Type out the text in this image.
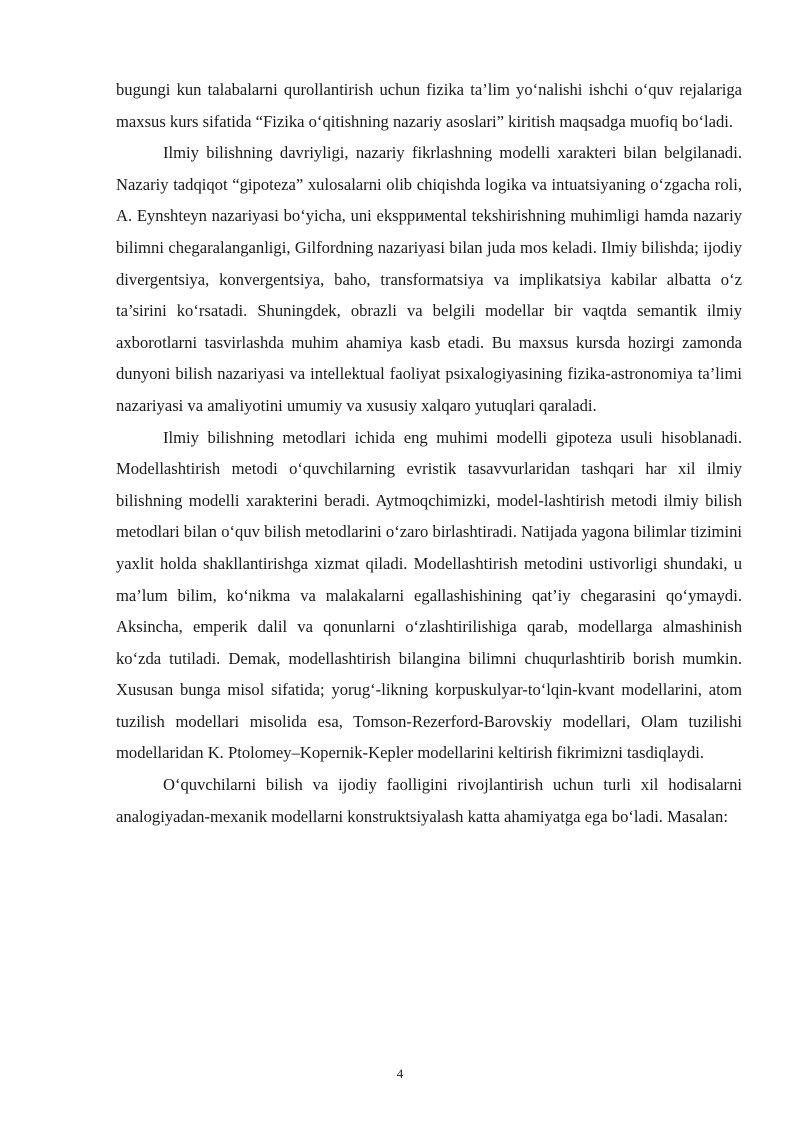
bugungi kun talabalarni qurollantirish uchun fizika ta’lim yo‘nalishi ishchi o‘quv rejalariga maxsus kurs sifatida “Fizika o‘qitishning nazariy asoslari” kiritish maqsadga muofiq bo‘ladi.

Ilmiy bilishning davriyligi, nazariy fikrlashning modelli xarakteri bilan belgilanadi. Nazariy tadqiqot “gipoteza” xulosalarni olib chiqishda logika va intuatsiyaning o‘zgacha roli, A. Eynshteyn nazariyasi bo‘yicha, uni ekspримental tekshirishning muhimligi hamda nazariy bilimni chegaralanganligi, Gilfordning nazariyasi bilan juda mos keladi. Ilmiy bilishda; ijodiy divergentsiya, konvergentsiya, baho, transformatsiya va implikatsiya kabilar albatta o‘z ta’sirini ko‘rsatadi. Shuningdek, obrazli va belgili modellar bir vaqtda semantik ilmiy axborotlarni tasvirlashda muhim ahamiya kasb etadi. Bu maxsus kursda hozirgi zamonda dunyoni bilish nazariyasi va intellektual faoliyat psixalogiyasining fizika-astronomiya ta’limi nazariyasi va amaliyotini umumiy va xususiy xalqaro yutuqlari qaraladi.

Ilmiy bilishning metodlari ichida eng muhimi modelli gipoteza usuli hisoblanadi. Modellashtirish metodi o‘quvchilarning evristik tasavvurlaridan tashqari har xil ilmiy bilishning modelli xarakterini beradi. Aytmoqchimizki, model-lashtirish metodi ilmiy bilish metodlari bilan o‘quv bilish metodlarini o‘zaro birlashtiradi. Natijada yagona bilimlar tizimini yaxlit holda shakllantirishga xizmat qiladi. Modellashtirish metodini ustivorligi shundaki, u ma’lum bilim, ko‘nikma va malakalarni egallashishining qat’iy chegarasini qo‘ymaydi. Aksincha, emperik dalil va qonunlarni o‘zlashtirilishiga qarab, modellarga almashinish ko‘zda tutiladi. Demak, modellashtirish bilangina bilimni chuqurlashtirib borish mumkin. Xususan bunga misol sifatida; yorug‘-likning korpuskulyar-to‘lqin-kvant modellarini, atom tuzilish modellari misolida esa, Tomson-Rezerford-Barovskiy modellari, Olam tuzilishi modellaridan K. Ptolomey–Kopernik-Kepler modellarini keltirish fikrimizni tasdiqlaydi.

O‘quvchilarni bilish va ijodiy faolligini rivojlantirish uchun turli xil hodisalarni analogiyadan-mexanik modellarni konstruktsiyalash katta ahamiyatga ega bo‘ladi. Masalan:

4
